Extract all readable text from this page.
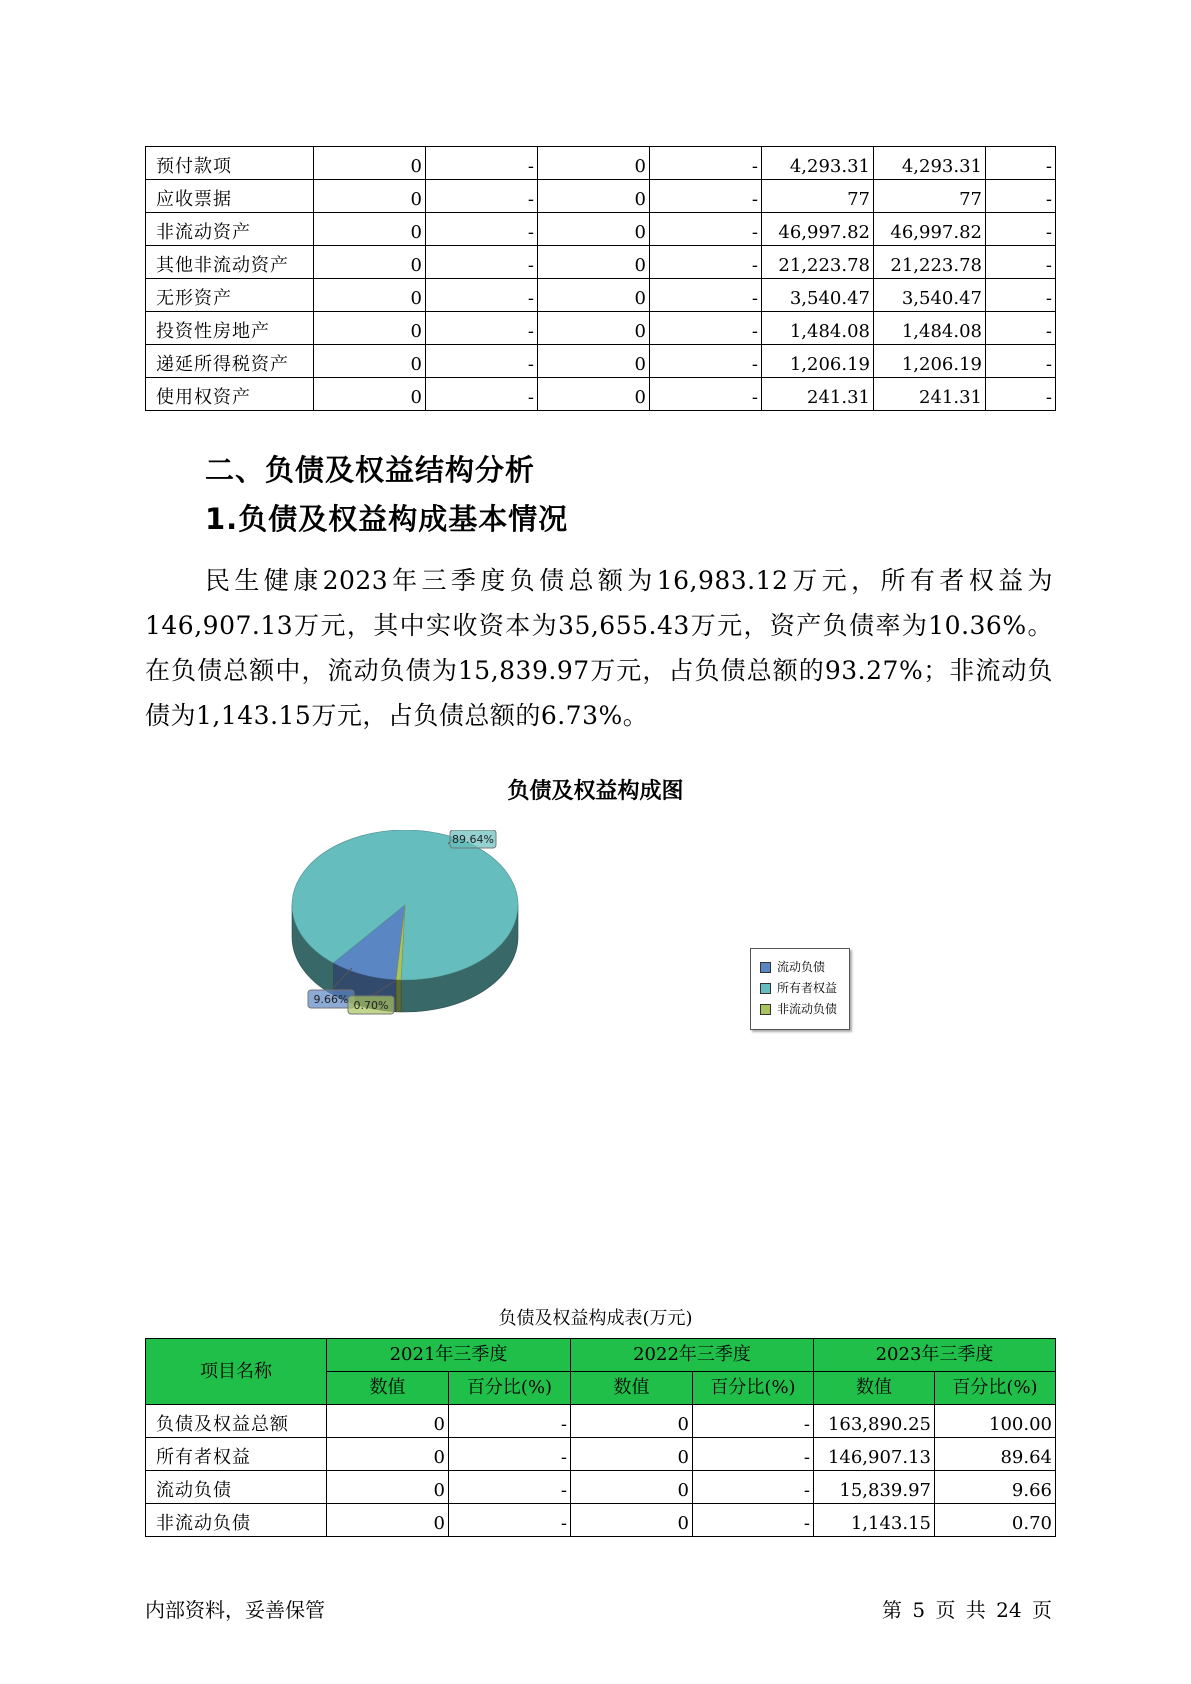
预付款项	0	-	0	-	4,293.31	4,293.31	-
应收票据	0	-	0	-	77	77	-
非流动资产	0	-	0	-	46,997.82	46,997.82	-
其他非流动资产	0	-	0	-	21,223.78	21,223.78	-
无形资产	0	-	0	-	3,540.47	3,540.47	-
投资性房地产	0	-	0	-	1,484.08	1,484.08	-
递延所得税资产	0	-	0	-	1,206.19	1,206.19	-
使用权资产	0	-	0	-	241.31	241.31	-
二、负债及权益结构分析
1.负债及权益构成基本情况
民生健康2023年三季度负债总额为16,983.12万元，所有者权益为146,907.13万元，其中实收资本为35,655.43万元，资产负债率为10.36%。在负债总额中，流动负债为15,839.97万元，占负债总额的93.27%；非流动负债为1,143.15万元，占负债总额的6.73%。
负债及权益构成图
9.66%
89.64%
0.70%
流动负债
所有者权益
非流动负债
负债及权益构成表(万元)
项目名称	2021年三季度		2022年三季度		2023年三季度	
	数值	百分比(%)	数值	百分比(%)	数值	百分比(%)
负债及权益总额	0	-	0	-	163,890.25	100.00
所有者权益	0	-	0	-	146,907.13	89.64
流动负债	0	-	0	-	15,839.97	9.66
非流动负债	0	-	0	-	1,143.15	0.70
内部资料，妥善保管	第 5 页 共 24 页
